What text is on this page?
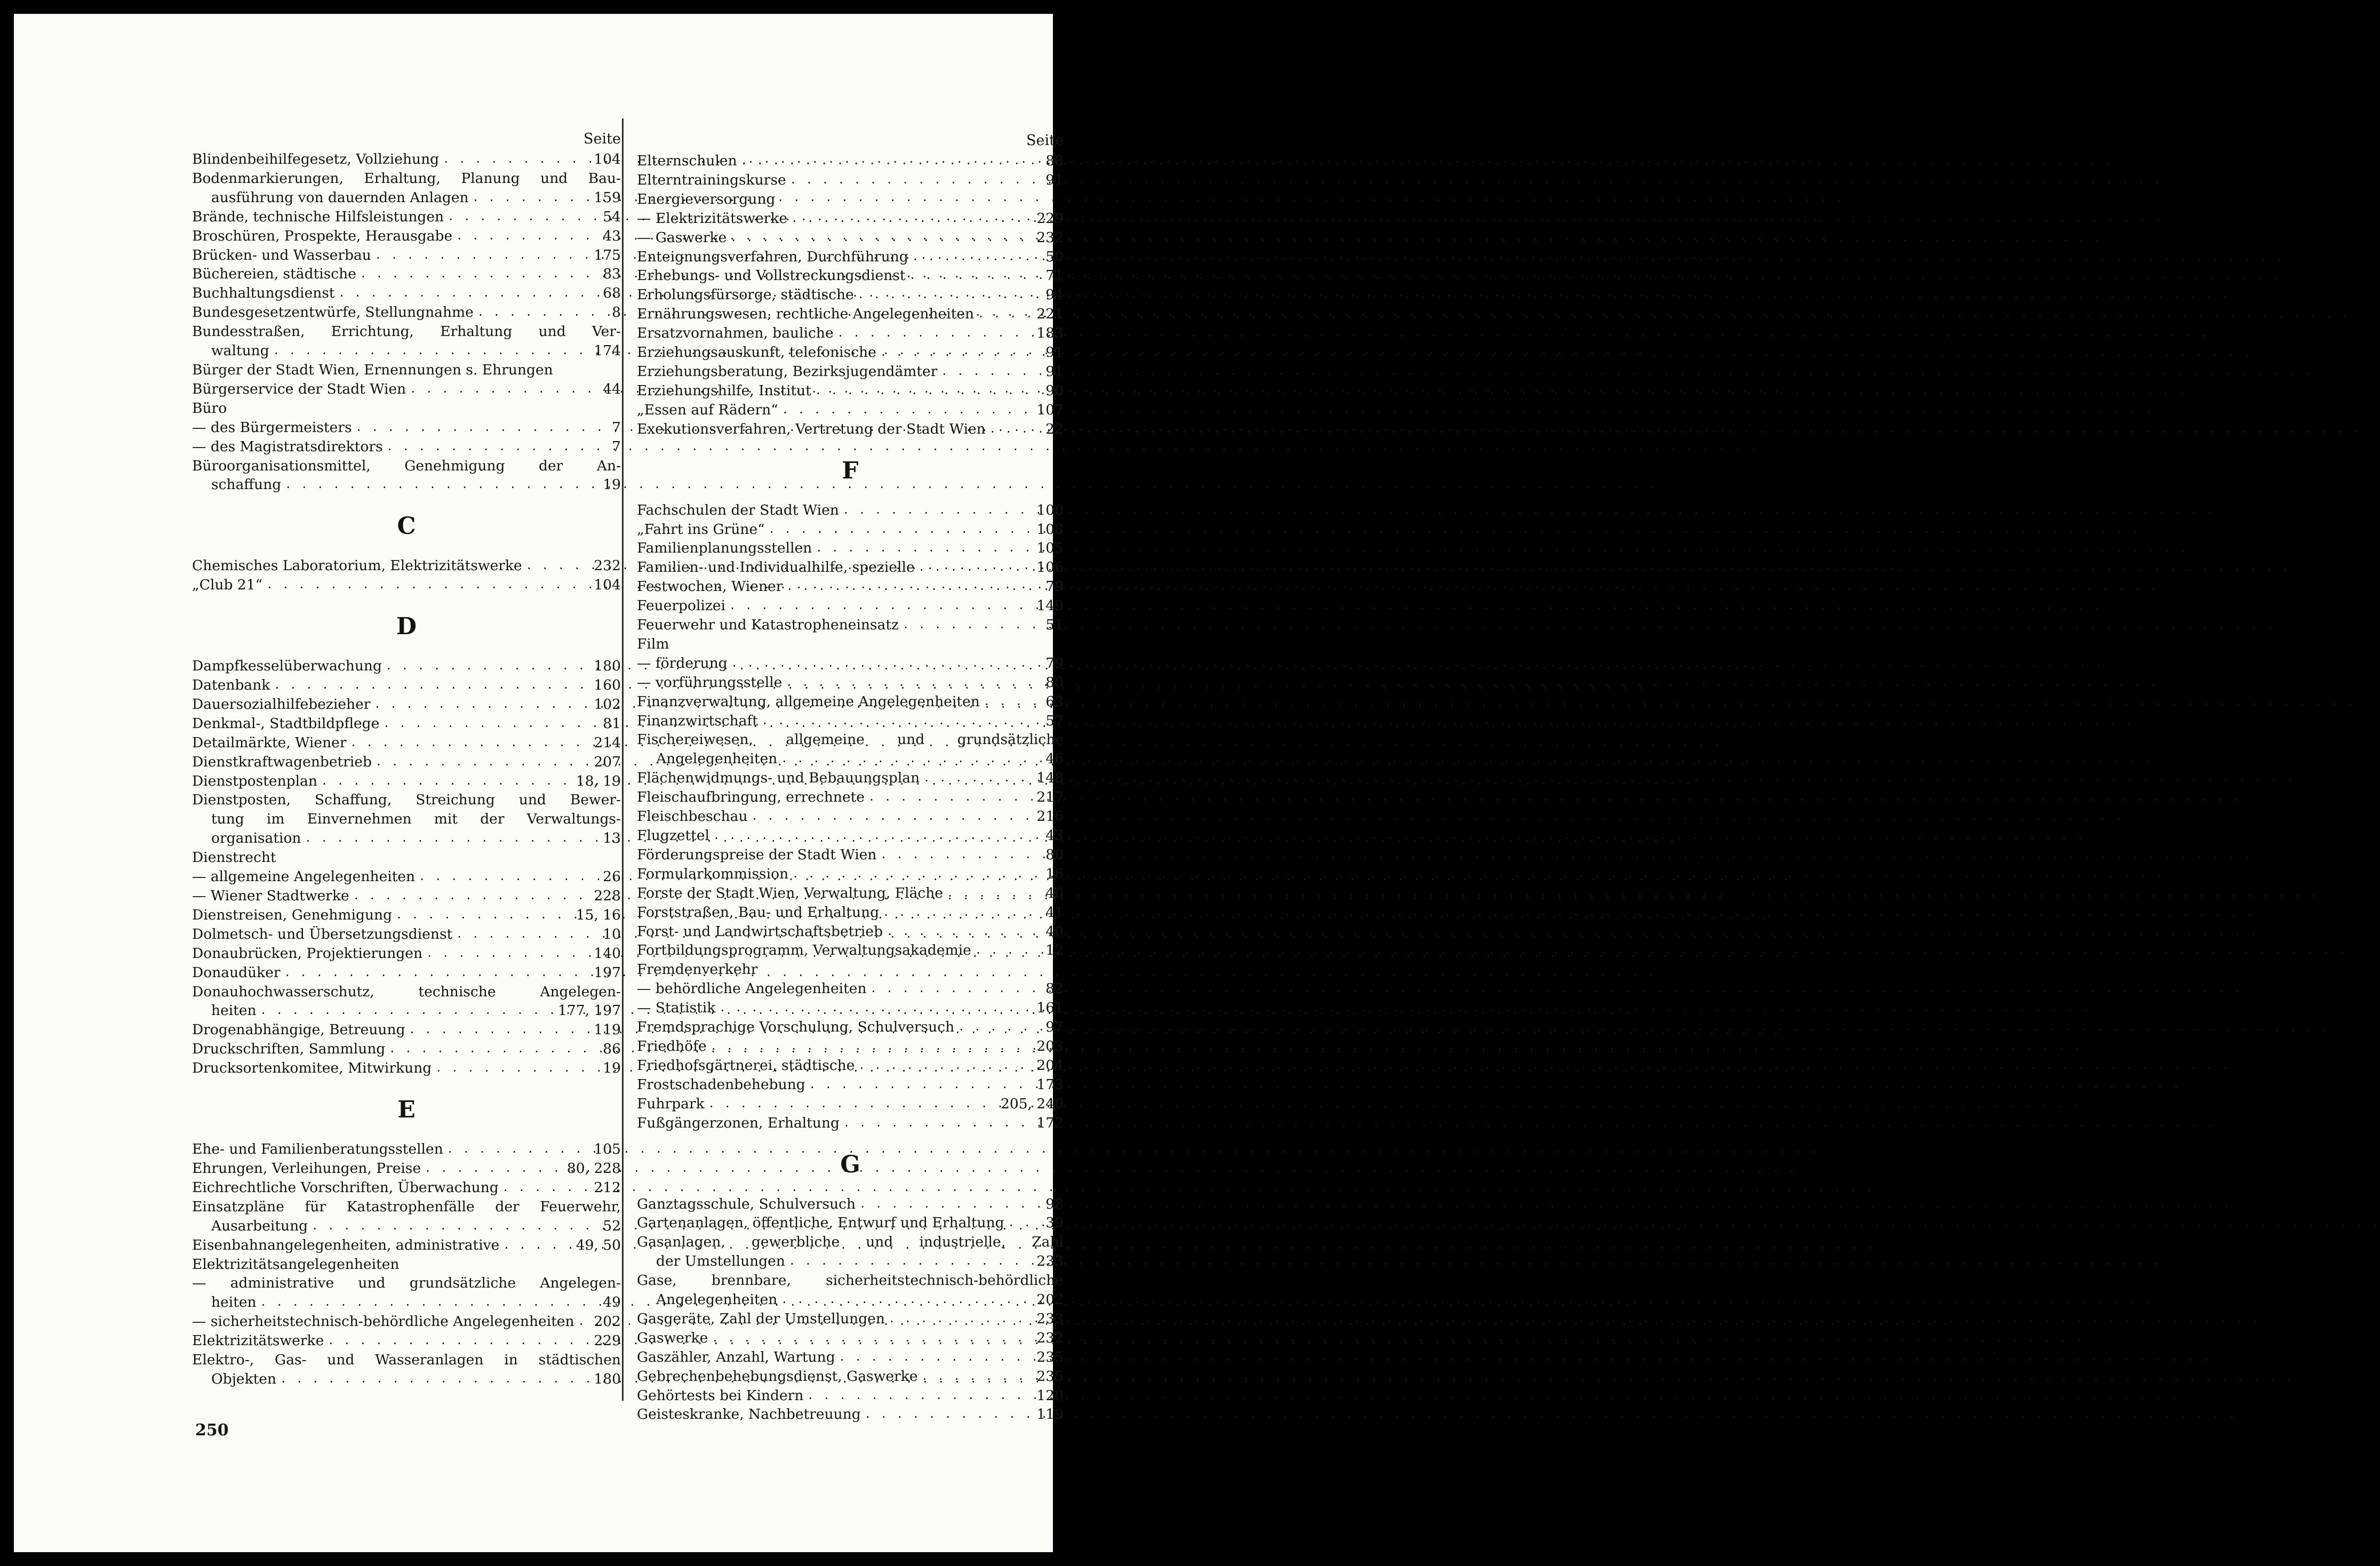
Seite
Blindenbeihilfegesetz, Vollziehung . . .	104
Bodenmarkierungen, Erhaltung, Planung und Bau-
ausführung von dauernden Anlagen . . .	159
Brände, technische Hilfsleistungen . . .	54
Broschüren, Prospekte, Herausgabe . . .	43
Brücken- und Wasserbau . . .	175
Büchereien, städtische . . .	83
Buchhaltungsdienst . . .	68
Bundesgesetzentwürfe, Stellungnahme . . .	8
Bundesstraßen, Errichtung, Erhaltung und Ver-
waltung . . .	174
Bürger der Stadt Wien, Ernennungen s. Ehrungen
Bürgerservice der Stadt Wien . . .	44
Büro
— des Bürgermeisters . . .	7
— des Magistratsdirektors . . .	7
Büroorganisationsmittel, Genehmigung der An-
schaffung . . .	19
C
Chemisches Laboratorium, Elektrizitätswerke . . .	232
„Club 21“ . . .	104
D
Dampfkesselüberwachung . . .	180
Datenbank . . .	160
Dauersozialhilfebezieher . . .	102
Denkmal-, Stadtbildpflege . . .	81
Detailmärkte, Wiener . . .	214
Dienstkraftwagenbetrieb . . .	207
Dienstpostenplan . . .	18, 19
Dienstposten, Schaffung, Streichung und Bewer-
tung im Einvernehmen mit der Verwaltungs-
organisation . . .	13
Dienstrecht
— allgemeine Angelegenheiten . . .	26
— Wiener Stadtwerke . . .	228
Dienstreisen, Genehmigung . . .	15, 16
Dolmetsch- und Übersetzungsdienst . . .	10
Donaubrücken, Projektierungen . . .	140
Donaudüker . . .	197
Donauhochwasserschutz, technische Angelegen-
heiten . . .	177, 197
Drogenabhängige, Betreuung . . .	119
Druckschriften, Sammlung . . .	86
Drucksortenkomitee, Mitwirkung . . .	19
E
Ehe- und Familienberatungsstellen . . .	105
Ehrungen, Verleihungen, Preise . . .	80, 228
Eichrechtliche Vorschriften, Überwachung . . .	212
Einsatzpläne für Katastrophenfälle der Feuerwehr,
Ausarbeitung . . .	52
Eisenbahnangelegenheiten, administrative . . .	49, 50
Elektrizitätsangelegenheiten
— administrative und grundsätzliche Angelegen-
heiten . . .	49
— sicherheitstechnisch-behördliche Angelegenheiten . . . 202
Elektrizitätswerke . . .	229
Elektro-, Gas- und Wasseranlagen in städtischen
Objekten . . .	180
Seite
Elternschulen . . .	88
Elterntrainingskurse . . .	91
Energieversorgung
— Elektrizitätswerke . . .	229
— Gaswerke . . .	232
Enteignungsverfahren, Durchführung . . .	50
Erhebungs- und Vollstreckungsdienst . . .	71
Erholungsfürsorge, städtische . . .	94
Ernährungswesen, rechtliche Angelegenheiten . . .	221
Ersatzvornahmen, bauliche . . .	183
Erziehungsauskunft, telefonische . . .	91
Erziehungsberatung, Bezirksjugendämter . . .	91
Erziehungshilfe, Institut . . .	90
„Essen auf Rädern“ . . .	107
Exekutionsverfahren, Vertretung der Stadt Wien . . .	22
F
Fachschulen der Stadt Wien . . .	100
„Fahrt ins Grüne“ . . .	108
Familienplanungsstellen . . .	105
Familien- und Individualhilfe, spezielle . . .	106
Festwochen, Wiener . . .	79
Feuerpolizei . . .	149
Feuerwehr und Katastropheneinsatz . . .	51
Film
— förderung . . .	79
— vorführungsstelle . . .	80
Finanzverwaltung, allgemeine Angelegenheiten . . .	63
Finanzwirtschaft . . .	57
Fischereiwesen, allgemeine und grundsätzliche
Angelegenheiten . . .	46
Flächenwidmungs- und Bebauungsplan . . .	148
Fleischaufbringung, errechnete . . .	217
Fleischbeschau . . .	216
Flugzettel . . .	43
Förderungspreise der Stadt Wien . . .	80
Formularkommission . . .	16
Forste der Stadt Wien, Verwaltung, Fläche . . .	40
Forststraßen, Bau- und Erhaltung . . .	41
Forst- und Landwirtschaftsbetrieb . . .	40
Fortbildungsprogramm, Verwaltungsakademie . . .	12
Fremdenverkehr
— behördliche Angelegenheiten . . .	82
— Statistik . . .	161
Fremdsprachige Vorschulung, Schulversuch . . .	97
Friedhöfe . . .	203
Friedhofsgärtnerei, städtische . . .	204
Frostschadenbehebung . . .	173
Fuhrpark . . .	205, 240
Fußgängerzonen, Erhaltung . . .	172
G
Ganztagsschule, Schulversuch . . .	98
Gartenanlagen, öffentliche, Entwurf und Erhaltung . . .	39
Gasanlagen, gewerbliche und industrielle, Zahl
der Umstellungen . . .	233
Gase, brennbare, sicherheitstechnisch-behördliche
Angelegenheiten . . .	202
Gasgeräte, Zahl der Umstellungen . . .	233
Gaswerke . . .	232
Gaszähler, Anzahl, Wartung . . .	235
Gebrechenbehebungsdienst, Gaswerke . . .	235
Gehörtests bei Kindern . . .	120
Geisteskranke, Nachbetreuung . . .	119
250
